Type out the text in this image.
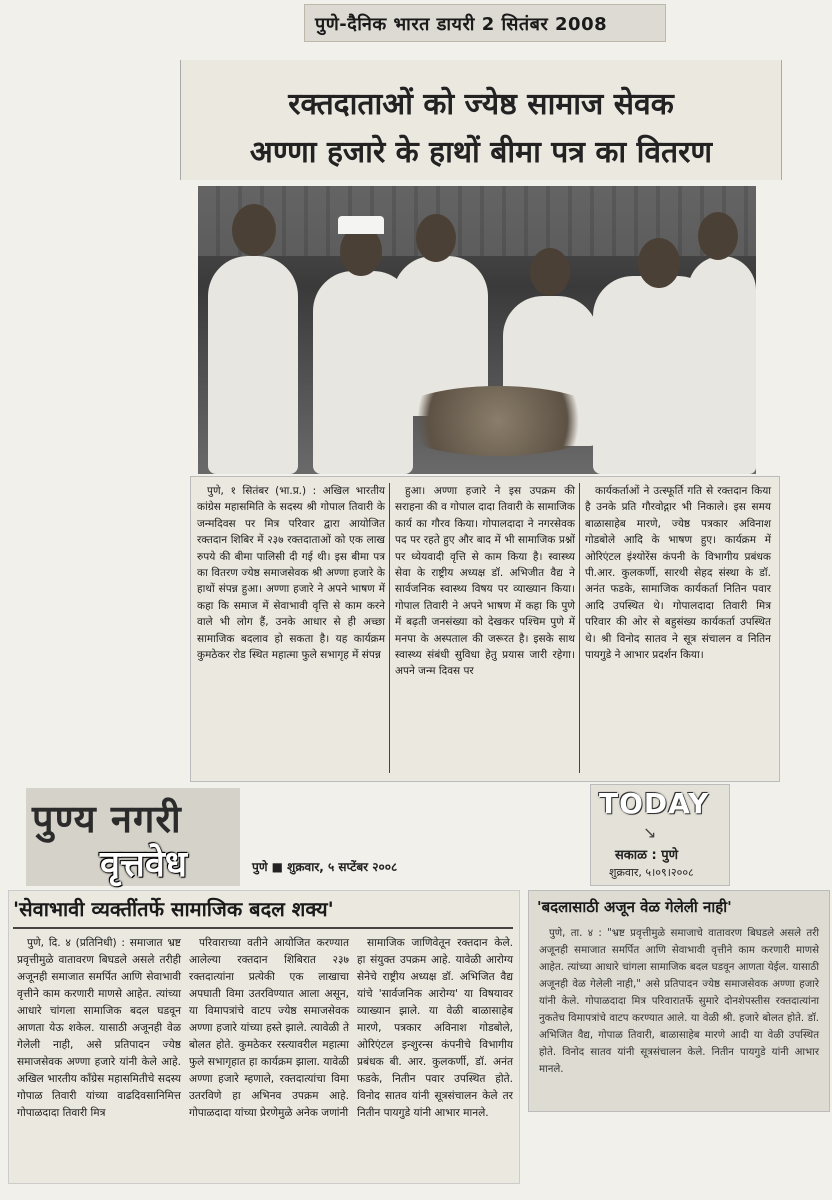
पुणे-दैनिक भारत डायरी 2 सितंबर 2008
रक्तदाताओं को ज्येष्ठ सामाज सेवक
अण्णा हजारे के हाथों बीमा पत्र का वितरण

पुणे, १ सितंबर (भा.प्र.) : अखिल भारतीय कांग्रेस महासमिति के सदस्य श्री गोपाल तिवारी के जन्मदिवस पर मित्र परिवार द्वारा आयोजित रक्तदान शिबिर में २३७ रक्तदाताओं को एक लाख रुपये की बीमा पालिसी दी गई थी। इस बीमा पत्र का वितरण ज्येष्ठ समाजसेवक श्री अण्णा हजारे के हाथों संपन्न हुआ। अण्णा हजारे ने अपने भाषण में कहा कि समाज में सेवाभावी वृत्ति से काम करने वाले भी लोग हैं, उनके आधार से ही अच्छा सामाजिक बदलाव हो सकता है। यह कार्यक्रम कुमठेकर रोड स्थित महात्मा फुले सभागृह में संपन्न

हुआ। अण्णा हजारे ने इस उपक्रम की सराहना की व गोपाल दादा तिवारी के सामाजिक कार्य का गौरव किया। गोपालदादा ने नगरसेवक पद पर रहते हुए और बाद में भी सामाजिक प्रश्नों पर ध्येयवादी वृत्ति से काम किया है। स्वास्थ्य सेवा के राष्ट्रीय अध्यक्ष डॉ. अभिजीत वैद्य ने सार्वजनिक स्वास्थ्य विषय पर व्याख्यान किया। गोपाल तिवारी ने अपने भाषण में कहा कि पुणे में बढ़ती जनसंख्या को देखकर पश्चिम पुणे में मनपा के अस्पताल की जरूरत है। इसके साथ स्वास्थ्य संबंधी सुविधा हेतु प्रयास जारी रहेगा। अपने जन्म दिवस पर

कार्यकर्ताओं ने उत्स्फूर्ति गति से रक्तदान किया है उनके प्रति गौरवोद्गार भी निकाले। इस समय बाळासाहेब मारणे, ज्येष्ठ पत्रकार अविनाश गोडबोले आदि के भाषण हुए। कार्यक्रम में ओरिएंटल इंश्योरेंस कंपनी के विभागीय प्रबंधक पी.आर. कुलकर्णी, सारथी सेहद संस्था के डॉ. अनंत फडके, सामाजिक कार्यकर्ता नितिन पवार आदि उपस्थित थे। गोपालदादा तिवारी मित्र परिवार की ओर से बहुसंख्य कार्यकर्ता उपस्थित थे। श्री विनोद सातव ने सूत्र संचालन व नितिन पायगुडे ने आभार प्रदर्शन किया।

पुण्य नगरी
वृत्तवेध	पुणे ■ शुक्रवार, ५ सप्टेंबर २००८
TODAY
↘
सकाळ : पुणे
शुक्रवार, ५।०९।२००८
'सेवाभावी व्यक्तींतर्फे सामाजिक बदल शक्य'

पुणे, दि. ४ (प्रतिनिधी) : समाजात भ्रष्ट प्रवृत्तीमुळे वातावरण बिघडले असले तरीही अजूनही समाजात समर्पित आणि सेवाभावी वृत्तीने काम करणारी माणसे आहेत. त्यांच्या आधारे चांगला सामाजिक बदल घडवून आणता येऊ शकेल. यासाठी अजूनही वेळ गेलेली नाही, असे प्रतिपादन ज्येष्ठ समाजसेवक अण्णा हजारे यांनी केले आहे. अखिल भारतीय काँग्रेस महासमितीचे सदस्य गोपाळ तिवारी यांच्या वाढदिवसानिमित्त गोपाळदादा तिवारी मित्र

परिवाराच्या वतीने आयोजित करण्यात आलेल्या रक्तदान शिबिरात २३७ रक्तदात्यांना प्रत्येकी एक लाखाचा अपघाती विमा उतरविण्यात आला असून, या विमापत्रांचे वाटप ज्येष्ठ समाजसेवक अण्णा हजारे यांच्या हस्ते झाले. त्यावेळी ते बोलत होते. कुमठेकर रस्त्यावरील महात्मा फुले सभागृहात हा कार्यक्रम झाला. यावेळी अण्णा हजारे म्हणाले, रक्तदात्यांचा विमा उतरविणे हा अभिनव उपक्रम आहे. गोपाळदादा यांच्या प्रेरणेमुळे अनेक जणांनी

सामाजिक जाणिवेतून रक्तदान केले. हा संयुक्त उपक्रम आहे. यावेळी आरोग्य सेनेचे राष्ट्रीय अध्यक्ष डॉ. अभिजित वैद्य यांचे 'सार्वजनिक आरोग्य' या विषयावर व्याख्यान झाले. या वेळी बाळासाहेब मारणे, पत्रकार अविनाश गोडबोले, ओरिएंटल इन्शुरन्स कंपनीचे विभागीय प्रबंधक बी. आर. कुलकर्णी, डॉ. अनंत फडके, नितीन पवार उपस्थित होते. विनोद सातव यांनी सूत्रसंचालन केले तर नितीन पायगुडे यांनी आभार मानले.

'बदलासाठी अजून वेळ गेलेली नाही'

पुणे, ता. ४ : "भ्रष्ट प्रवृत्तीमुळे समाजाचे वातावरण बिघडले असले तरी अजूनही समाजात समर्पित आणि सेवाभावी वृत्तीने काम करणारी माणसे आहेत. त्यांच्या आधारे चांगला सामाजिक बदल घडवून आणता येईल. यासाठी अजूनही वेळ गेलेली नाही," असे प्रतिपादन ज्येष्ठ समाजसेवक अण्णा हजारे यांनी केले. गोपाळदादा मित्र परिवारातर्फे सुमारे दोनशेपस्तीस रक्तदात्यांना नुकतेच विमापत्रांचे वाटप करण्यात आले. या वेळी श्री. हजारे बोलत होते. डॉ. अभिजित वैद्य, गोपाळ तिवारी, बाळासाहेब मारणे आदी या वेळी उपस्थित होते. विनोद सातव यांनी सूत्रसंचालन केले. नितीन पायगुडे यांनी आभार मानले.
